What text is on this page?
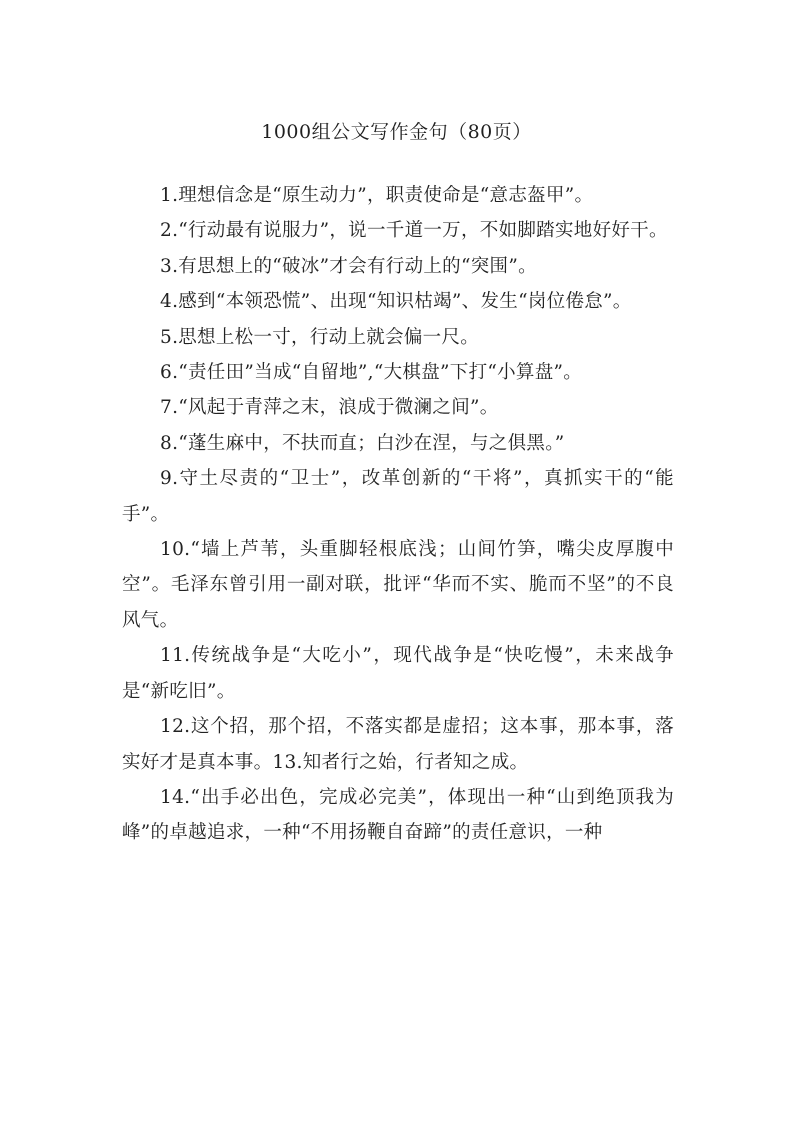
1000组公文写作金句（80页）

1.理想信念是“原生动力”，职责使命是“意志盔甲”。

2.“行动最有说服力”，说一千道一万，不如脚踏实地好好干。

3.有思想上的“破冰”才会有行动上的“突围”。

4.感到“本领恐慌”、出现“知识枯竭”、发生“岗位倦怠”。

5.思想上松一寸，行动上就会偏一尺。

6.“责任田”当成“自留地”,“大棋盘”下打“小算盘”。

7.“风起于青萍之末，浪成于微澜之间”。

8.“蓬生麻中，不扶而直；白沙在涅，与之俱黑。”

9.守土尽责的“卫士”，改革创新的“干将”，真抓实干的“能手”。

10.“墙上芦苇，头重脚轻根底浅；山间竹笋，嘴尖皮厚腹中空”。毛泽东曾引用一副对联，批评“华而不实、脆而不坚”的不良风气。

11.传统战争是“大吃小”，现代战争是“快吃慢”，未来战争是“新吃旧”。

12.这个招，那个招，不落实都是虚招；这本事，那本事，落实好才是真本事。13.知者行之始，行者知之成。

14.“出手必出色，完成必完美”，体现出一种“山到绝顶我为峰”的卓越追求，一种“不用扬鞭自奋蹄”的责任意识，一种
